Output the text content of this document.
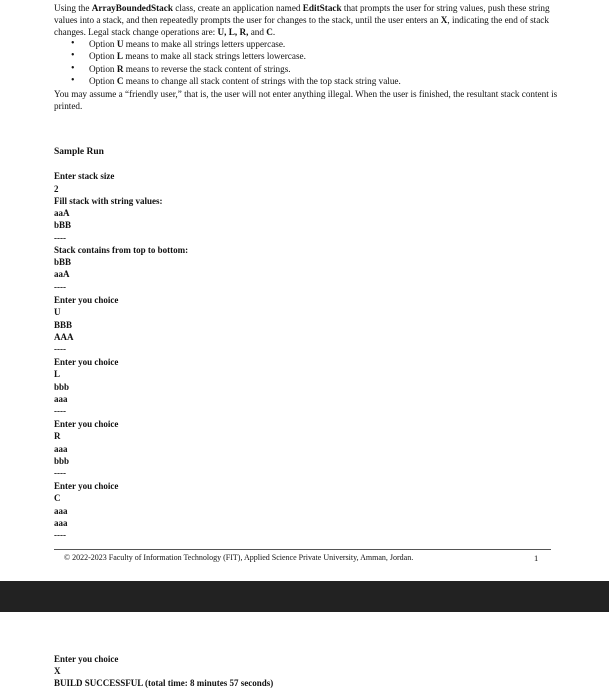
Using the ArrayBoundedStack class, create an application named EditStack that prompts the user for string values, push these string values into a stack, and then repeatedly prompts the user for changes to the stack, until the user enters an X, indicating the end of stack changes. Legal stack change operations are: U, L, R, and C.

• Option U means to make all strings letters uppercase.
• Option L means to make all stack strings letters lowercase.
• Option R means to reverse the stack content of strings.
• Option C means to change all stack content of strings with the top stack string value.

You may assume a “friendly user,” that is, the user will not enter anything illegal. When the user is finished, the resultant stack content is printed.

Sample Run
Enter stack size
2
Fill stack with string values:
aaA
bBB
----
Stack contains from top to bottom:
bBB
aaA
----
Enter you choice
U
BBB
AAA
----
Enter you choice
L
bbb
aaa
----
Enter you choice
R
aaa
bbb
----
Enter you choice
C
aaa
aaa
----
© 2022-2023 Faculty of Information Technology (FIT), Applied Science Private University, Amman, Jordan.	1
Enter you choice
X
BUILD SUCCESSFUL (total time: 8 minutes 57 seconds)
